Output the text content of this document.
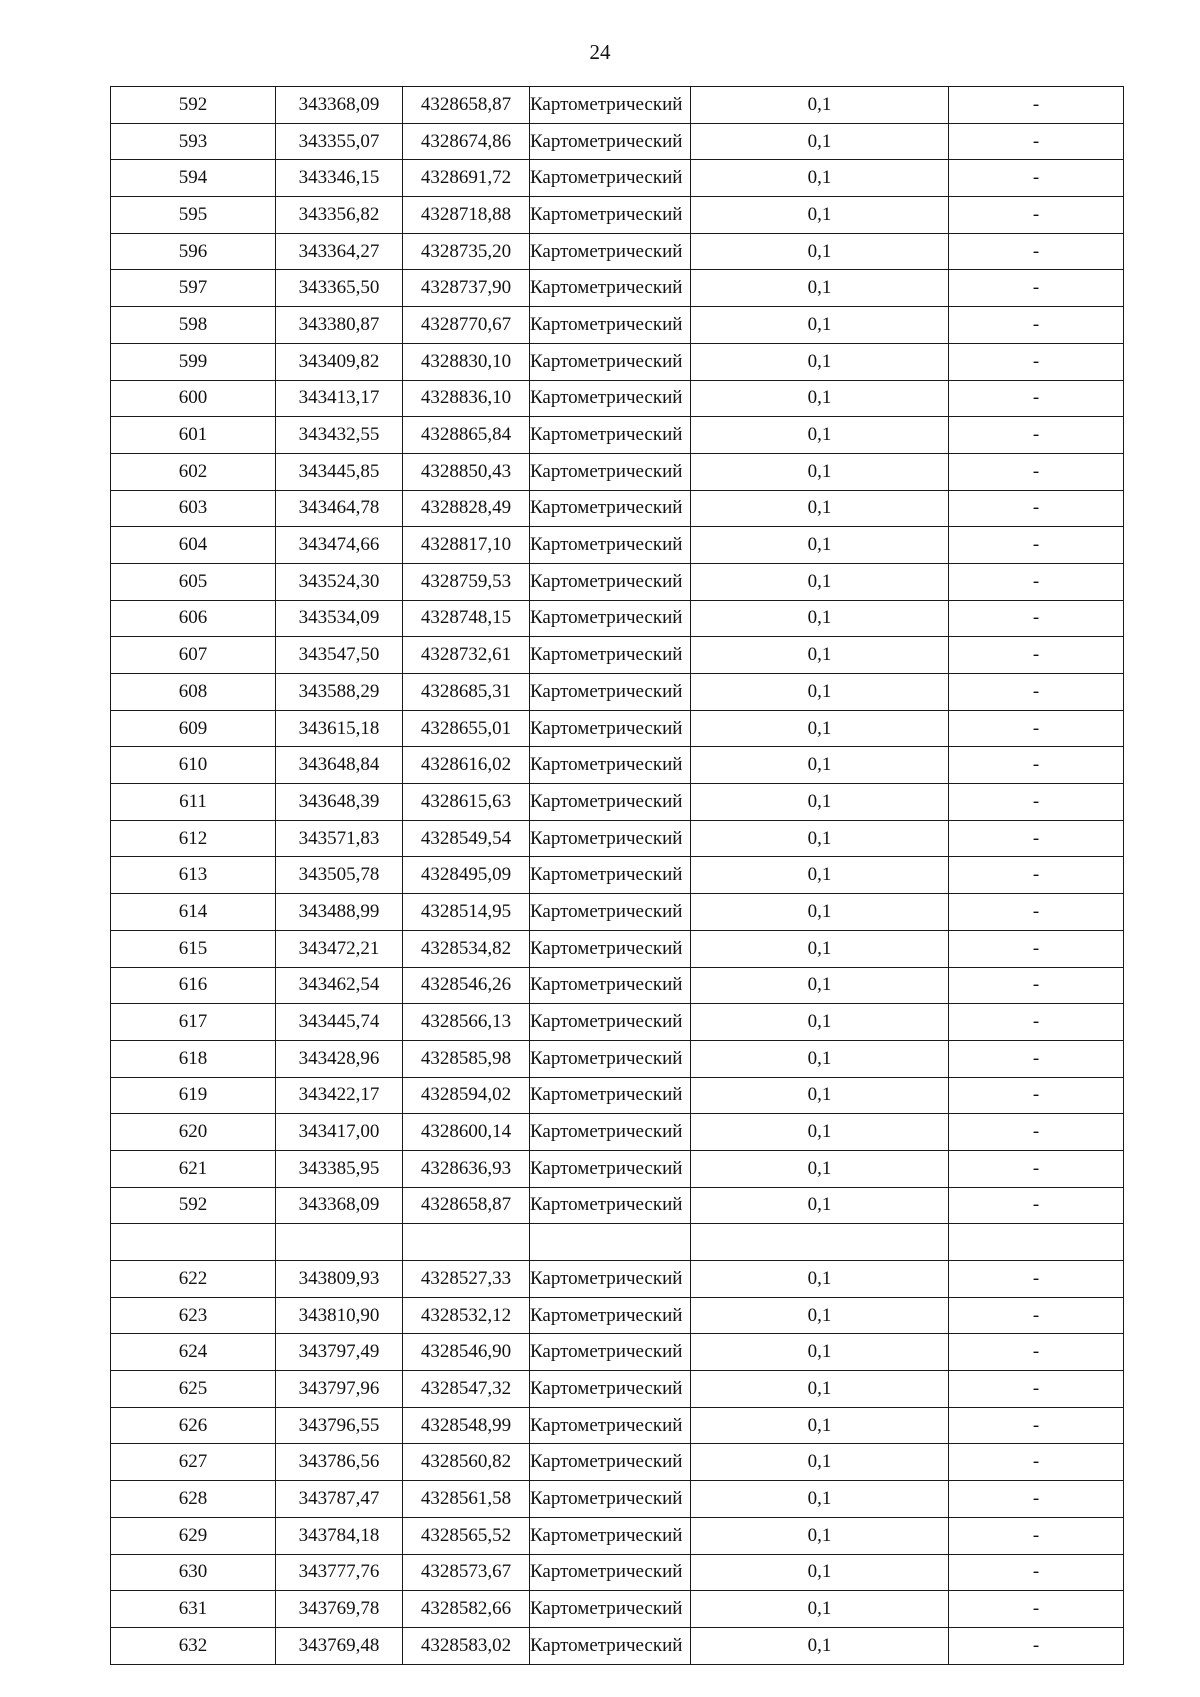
24
592	343368,09	4328658,87	Картометрический	0,1	-
593	343355,07	4328674,86	Картометрический	0,1	-
594	343346,15	4328691,72	Картометрический	0,1	-
595	343356,82	4328718,88	Картометрический	0,1	-
596	343364,27	4328735,20	Картометрический	0,1	-
597	343365,50	4328737,90	Картометрический	0,1	-
598	343380,87	4328770,67	Картометрический	0,1	-
599	343409,82	4328830,10	Картометрический	0,1	-
600	343413,17	4328836,10	Картометрический	0,1	-
601	343432,55	4328865,84	Картометрический	0,1	-
602	343445,85	4328850,43	Картометрический	0,1	-
603	343464,78	4328828,49	Картометрический	0,1	-
604	343474,66	4328817,10	Картометрический	0,1	-
605	343524,30	4328759,53	Картометрический	0,1	-
606	343534,09	4328748,15	Картометрический	0,1	-
607	343547,50	4328732,61	Картометрический	0,1	-
608	343588,29	4328685,31	Картометрический	0,1	-
609	343615,18	4328655,01	Картометрический	0,1	-
610	343648,84	4328616,02	Картометрический	0,1	-
611	343648,39	4328615,63	Картометрический	0,1	-
612	343571,83	4328549,54	Картометрический	0,1	-
613	343505,78	4328495,09	Картометрический	0,1	-
614	343488,99	4328514,95	Картометрический	0,1	-
615	343472,21	4328534,82	Картометрический	0,1	-
616	343462,54	4328546,26	Картометрический	0,1	-
617	343445,74	4328566,13	Картометрический	0,1	-
618	343428,96	4328585,98	Картометрический	0,1	-
619	343422,17	4328594,02	Картометрический	0,1	-
620	343417,00	4328600,14	Картометрический	0,1	-
621	343385,95	4328636,93	Картометрический	0,1	-
592	343368,09	4328658,87	Картометрический	0,1	-

622	343809,93	4328527,33	Картометрический	0,1	-
623	343810,90	4328532,12	Картометрический	0,1	-
624	343797,49	4328546,90	Картометрический	0,1	-
625	343797,96	4328547,32	Картометрический	0,1	-
626	343796,55	4328548,99	Картометрический	0,1	-
627	343786,56	4328560,82	Картометрический	0,1	-
628	343787,47	4328561,58	Картометрический	0,1	-
629	343784,18	4328565,52	Картометрический	0,1	-
630	343777,76	4328573,67	Картометрический	0,1	-
631	343769,78	4328582,66	Картометрический	0,1	-
632	343769,48	4328583,02	Картометрический	0,1	-
